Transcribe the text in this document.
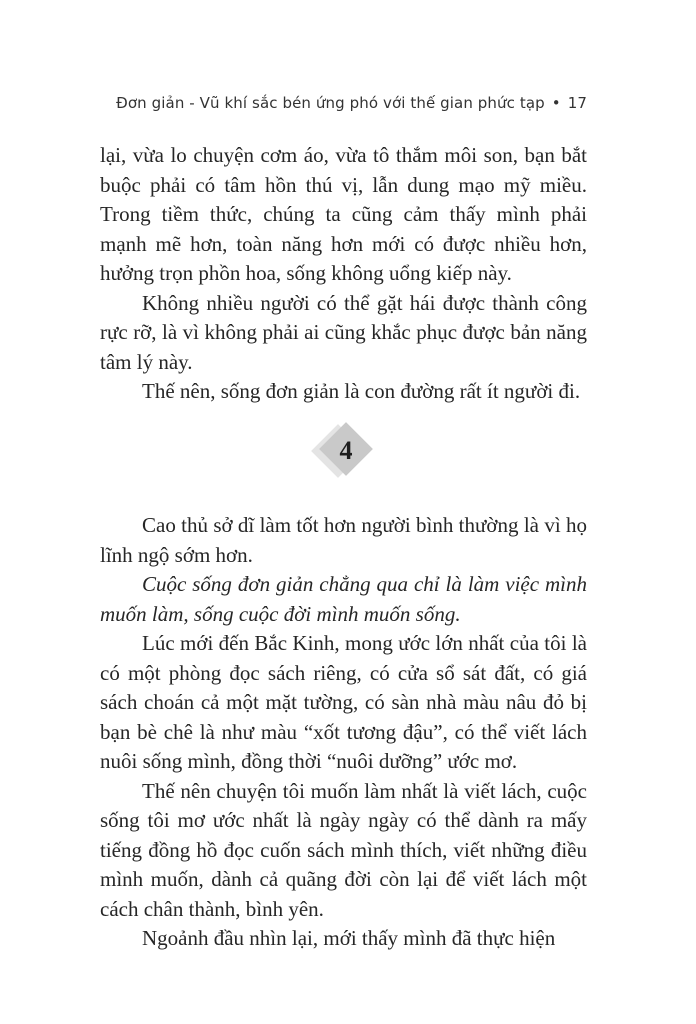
Đơn giản - Vũ khí sắc bén ứng phó với thế gian phức tạp • 17

lại, vừa lo chuyện cơm áo, vừa tô thắm môi son, bạn bắt buộc phải có tâm hồn thú vị, lẫn dung mạo mỹ miều. Trong tiềm thức, chúng ta cũng cảm thấy mình phải mạnh mẽ hơn, toàn năng hơn mới có được nhiều hơn, hưởng trọn phồn hoa, sống không uổng kiếp này.

Không nhiều người có thể gặt hái được thành công rực rỡ, là vì không phải ai cũng khắc phục được bản năng tâm lý này.

Thế nên, sống đơn giản là con đường rất ít người đi.

4

Cao thủ sở dĩ làm tốt hơn người bình thường là vì họ lĩnh ngộ sớm hơn.

Cuộc sống đơn giản chẳng qua chỉ là làm việc mình muốn làm, sống cuộc đời mình muốn sống.

Lúc mới đến Bắc Kinh, mong ước lớn nhất của tôi là có một phòng đọc sách riêng, có cửa sổ sát đất, có giá sách choán cả một mặt tường, có sàn nhà màu nâu đỏ bị bạn bè chê là như màu “xốt tương đậu”, có thể viết lách nuôi sống mình, đồng thời “nuôi dưỡng” ước mơ.

Thế nên chuyện tôi muốn làm nhất là viết lách, cuộc sống tôi mơ ước nhất là ngày ngày có thể dành ra mấy tiếng đồng hồ đọc cuốn sách mình thích, viết những điều mình muốn, dành cả quãng đời còn lại để viết lách một cách chân thành, bình yên.

Ngoảnh đầu nhìn lại, mới thấy mình đã thực hiện
